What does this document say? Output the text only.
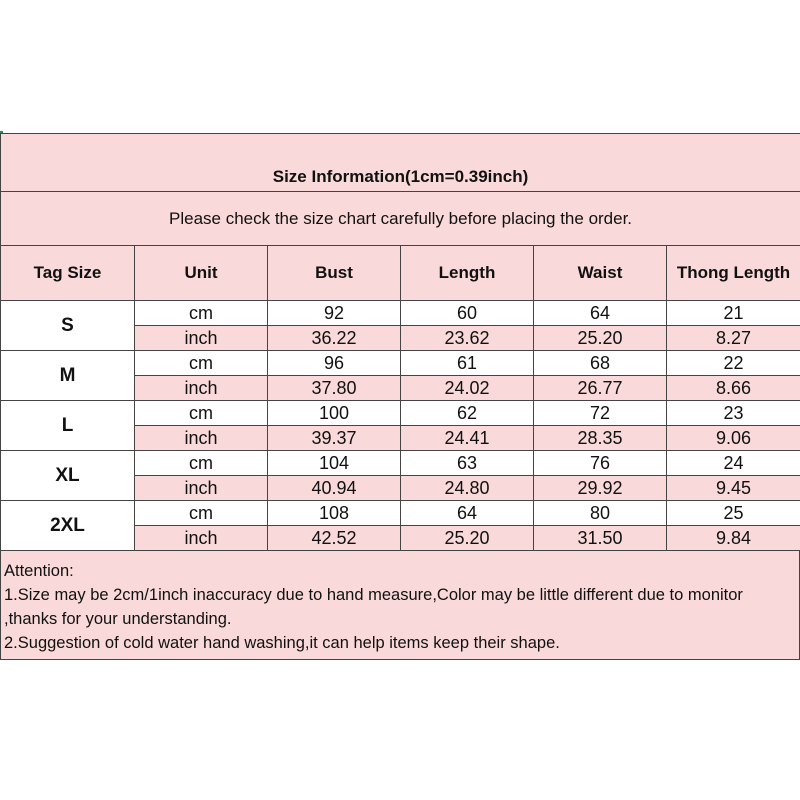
Size Information(1cm=0.39inch)					
Please check the size chart carefully before placing the order.					
Tag Size	Unit	Bust	Length	Waist	Thong Length
S	cm	92	60	64	21
	inch	36.22	23.62	25.20	8.27
M	cm	96	61	68	22
	inch	37.80	24.02	26.77	8.66
L	cm	100	62	72	23
	inch	39.37	24.41	28.35	9.06
XL	cm	104	63	76	24
	inch	40.94	24.80	29.92	9.45
2XL	cm	108	64	80	25
	inch	42.52	25.20	31.50	9.84
Attention:
1.Size may be 2cm/1inch inaccuracy due to hand measure,Color may be little different due to monitor ,thanks for your understanding.
2.Suggestion of cold water hand washing,it can help items keep their shape.
